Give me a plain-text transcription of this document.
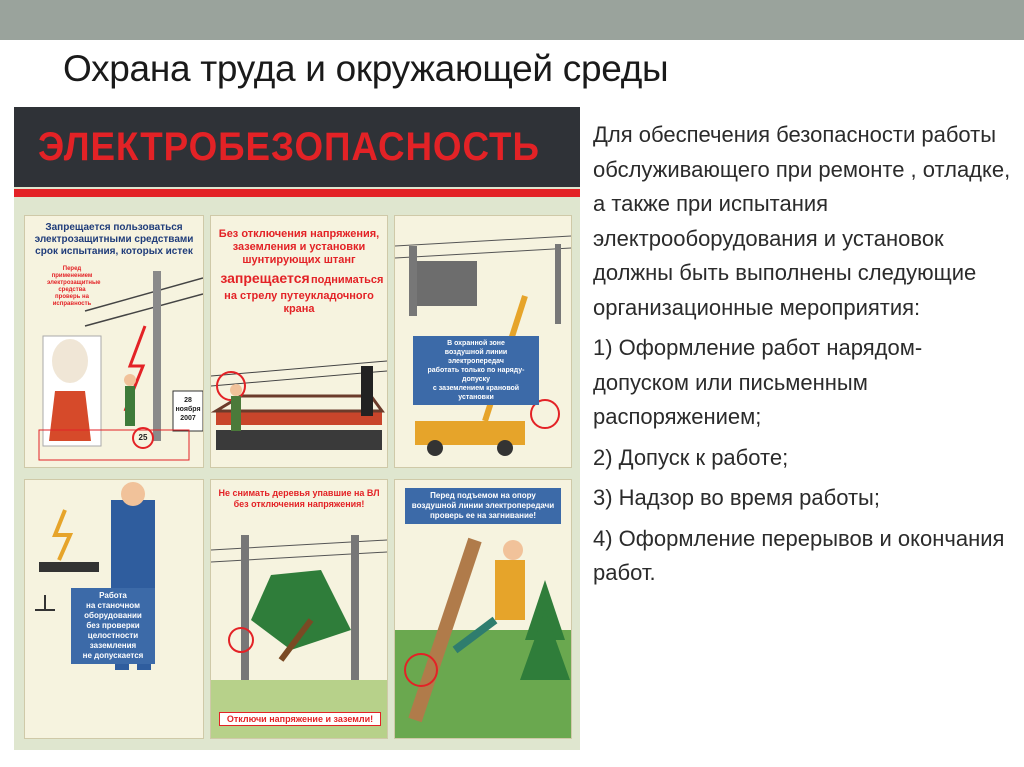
Охрана труда и окружающей среды
ЭЛЕКТРОБЕЗОПАСНОСТЬ
Запрещается пользоваться
электрозащитными средствами
срок испытания, которых истек
Перед
применением
электрозащитные
средства
проверь на
исправность
28
ноября
2007
25
Без отключения напряжения,
заземления и установки
шунтирующих штанг
запрещается подниматься
на стрелу путеукладочного
крана
В охранной зоне
воздушной линии электропередач
работать только по наряду-допуску
с заземлением крановой установки
Работа
на станочном
оборудовании
без проверки
целостности
заземления
не допускается
Не снимать деревья упавшие на ВЛ
без отключения напряжения!
Отключи напряжение и заземли!
Перед подъемом на опору
воздушной линии электропередачи
проверь ее на загнивание!

Для обеспечения безопасности работы обслуживающего при ремонте , отладке, а также при испытания электрооборудования и установок должны быть выполнены следующие организационные мероприятия:

1) Оформление работ нарядом-допуском или письменным распоряжением;

2) Допуск к работе;

3) Надзор во время работы;

4) Оформление перерывов и окончания работ.
